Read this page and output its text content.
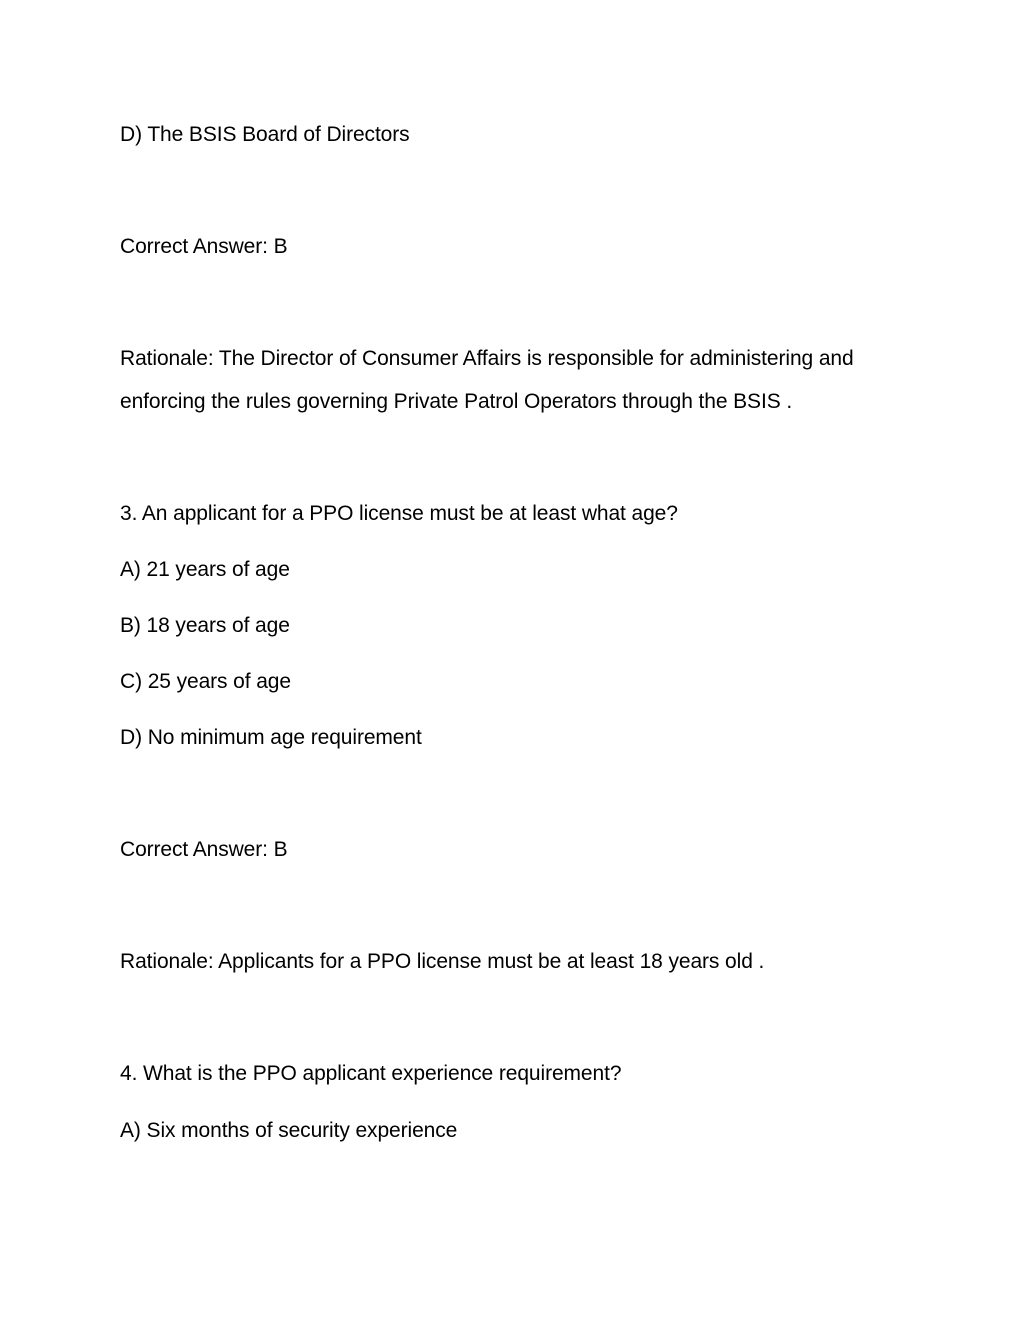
D) The BSIS Board of Directors
Correct Answer: B
Rationale: The Director of Consumer Affairs is responsible for administering and
enforcing the rules governing Private Patrol Operators through the BSIS .
3. An applicant for a PPO license must be at least what age?
A) 21 years of age
B) 18 years of age
C) 25 years of age
D) No minimum age requirement
Correct Answer: B
Rationale: Applicants for a PPO license must be at least 18 years old .
4. What is the PPO applicant experience requirement?
A) Six months of security experience
